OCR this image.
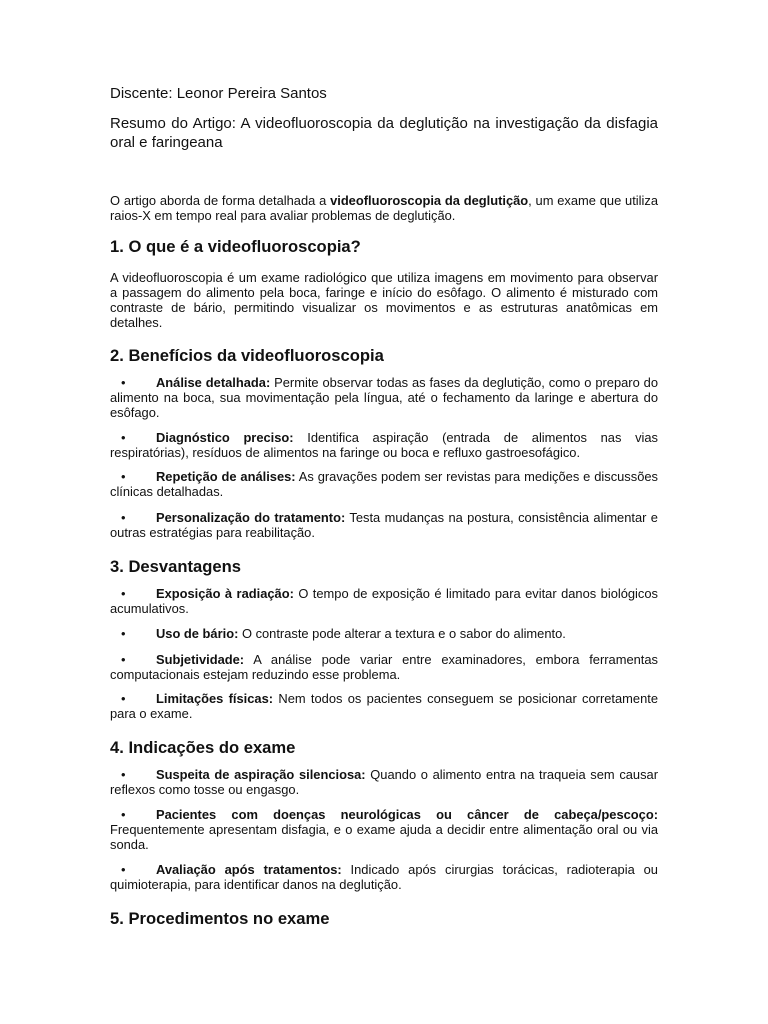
Discente: Leonor Pereira Santos
Resumo do Artigo: A videofluoroscopia da deglutição na investigação da disfagia oral e faringeana
O artigo aborda de forma detalhada a videofluoroscopia da deglutição, um exame que utiliza raios-X em tempo real para avaliar problemas de deglutição.
1. O que é a videofluoroscopia?
A videofluoroscopia é um exame radiológico que utiliza imagens em movimento para observar a passagem do alimento pela boca, faringe e início do esôfago. O alimento é misturado com contraste de bário, permitindo visualizar os movimentos e as estruturas anatômicas em detalhes.
2. Benefícios da videofluoroscopia
• Análise detalhada: Permite observar todas as fases da deglutição, como o preparo do alimento na boca, sua movimentação pela língua, até o fechamento da laringe e abertura do esôfago.
• Diagnóstico preciso: Identifica aspiração (entrada de alimentos nas vias respiratórias), resíduos de alimentos na faringe ou boca e refluxo gastroesofágico.
• Repetição de análises: As gravações podem ser revistas para medições e discussões clínicas detalhadas.
• Personalização do tratamento: Testa mudanças na postura, consistência alimentar e outras estratégias para reabilitação.
3. Desvantagens
• Exposição à radiação: O tempo de exposição é limitado para evitar danos biológicos acumulativos.
• Uso de bário: O contraste pode alterar a textura e o sabor do alimento.
• Subjetividade: A análise pode variar entre examinadores, embora ferramentas computacionais estejam reduzindo esse problema.
• Limitações físicas: Nem todos os pacientes conseguem se posicionar corretamente para o exame.
4. Indicações do exame
• Suspeita de aspiração silenciosa: Quando o alimento entra na traqueia sem causar reflexos como tosse ou engasgo.
• Pacientes com doenças neurológicas ou câncer de cabeça/pescoço: Frequentemente apresentam disfagia, e o exame ajuda a decidir entre alimentação oral ou via sonda.
• Avaliação após tratamentos: Indicado após cirurgias torácicas, radioterapia ou quimioterapia, para identificar danos na deglutição.
5. Procedimentos no exame
